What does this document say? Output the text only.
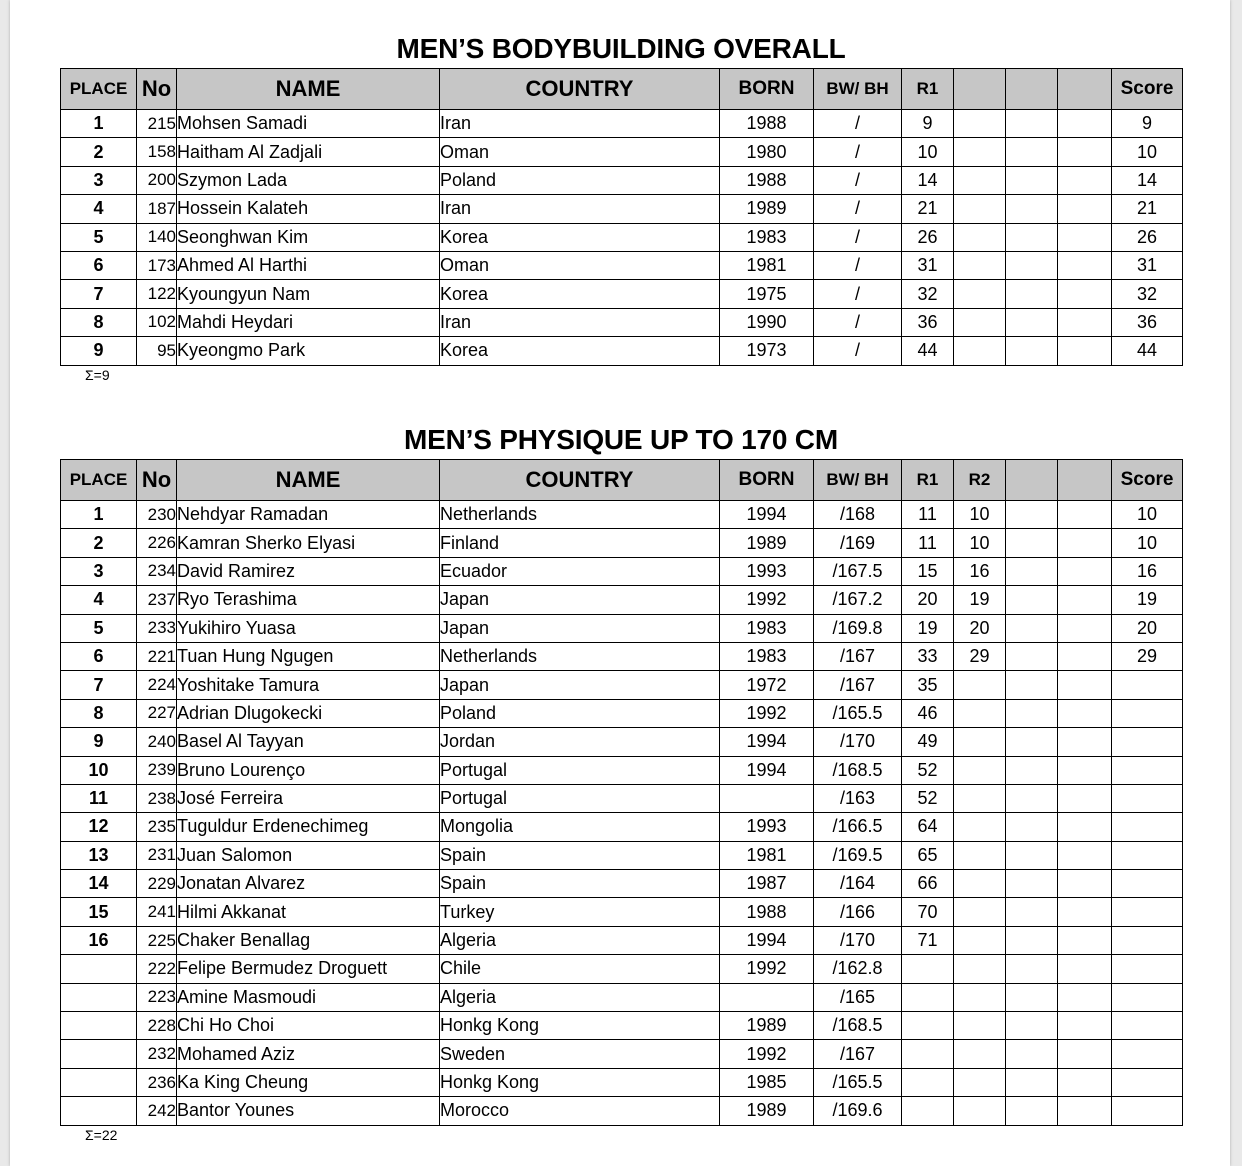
MEN’S BODYBUILDING OVERALL
PLACE	No	NAME	COUNTRY	BORN	BW/ BH	R1				Score
1	215	Mohsen Samadi	Iran	1988	/	9				9
2	158	Haitham Al Zadjali	Oman	1980	/	10				10
3	200	Szymon Lada	Poland	1988	/	14				14
4	187	Hossein Kalateh	Iran	1989	/	21				21
5	140	Seonghwan Kim	Korea	1983	/	26				26
6	173	Ahmed Al Harthi	Oman	1981	/	31				31
7	122	Kyoungyun Nam	Korea	1975	/	32				32
8	102	Mahdi Heydari	Iran	1990	/	36				36
9	95	Kyeongmo Park	Korea	1973	/	44				44
Σ=9
MEN’S PHYSIQUE UP TO 170 CM
PLACE	No	NAME	COUNTRY	BORN	BW/ BH	R1	R2			Score
1	230	Nehdyar Ramadan	Netherlands	1994	/168	11	10			10
2	226	Kamran Sherko Elyasi	Finland	1989	/169	11	10			10
3	234	David Ramirez	Ecuador	1993	/167.5	15	16			16
4	237	Ryo Terashima	Japan	1992	/167.2	20	19			19
5	233	Yukihiro Yuasa	Japan	1983	/169.8	19	20			20
6	221	Tuan Hung Ngugen	Netherlands	1983	/167	33	29			29
7	224	Yoshitake Tamura	Japan	1972	/167	35				
8	227	Adrian Dlugokecki	Poland	1992	/165.5	46				
9	240	Basel Al Tayyan	Jordan	1994	/170	49				
10	239	Bruno Lourenço	Portugal	1994	/168.5	52				
11	238	José Ferreira	Portugal		/163	52				
12	235	Tuguldur Erdenechimeg	Mongolia	1993	/166.5	64				
13	231	Juan Salomon	Spain	1981	/169.5	65				
14	229	Jonatan Alvarez	Spain	1987	/164	66				
15	241	Hilmi Akkanat	Turkey	1988	/166	70				
16	225	Chaker Benallag	Algeria	1994	/170	71				
	222	Felipe Bermudez Droguett	Chile	1992	/162.8					
	223	Amine Masmoudi	Algeria		/165					
	228	Chi Ho Choi	Honkg Kong	1989	/168.5					
	232	Mohamed Aziz	Sweden	1992	/167					
	236	Ka King Cheung	Honkg Kong	1985	/165.5					
	242	Bantor Younes	Morocco	1989	/169.6					
Σ=22
